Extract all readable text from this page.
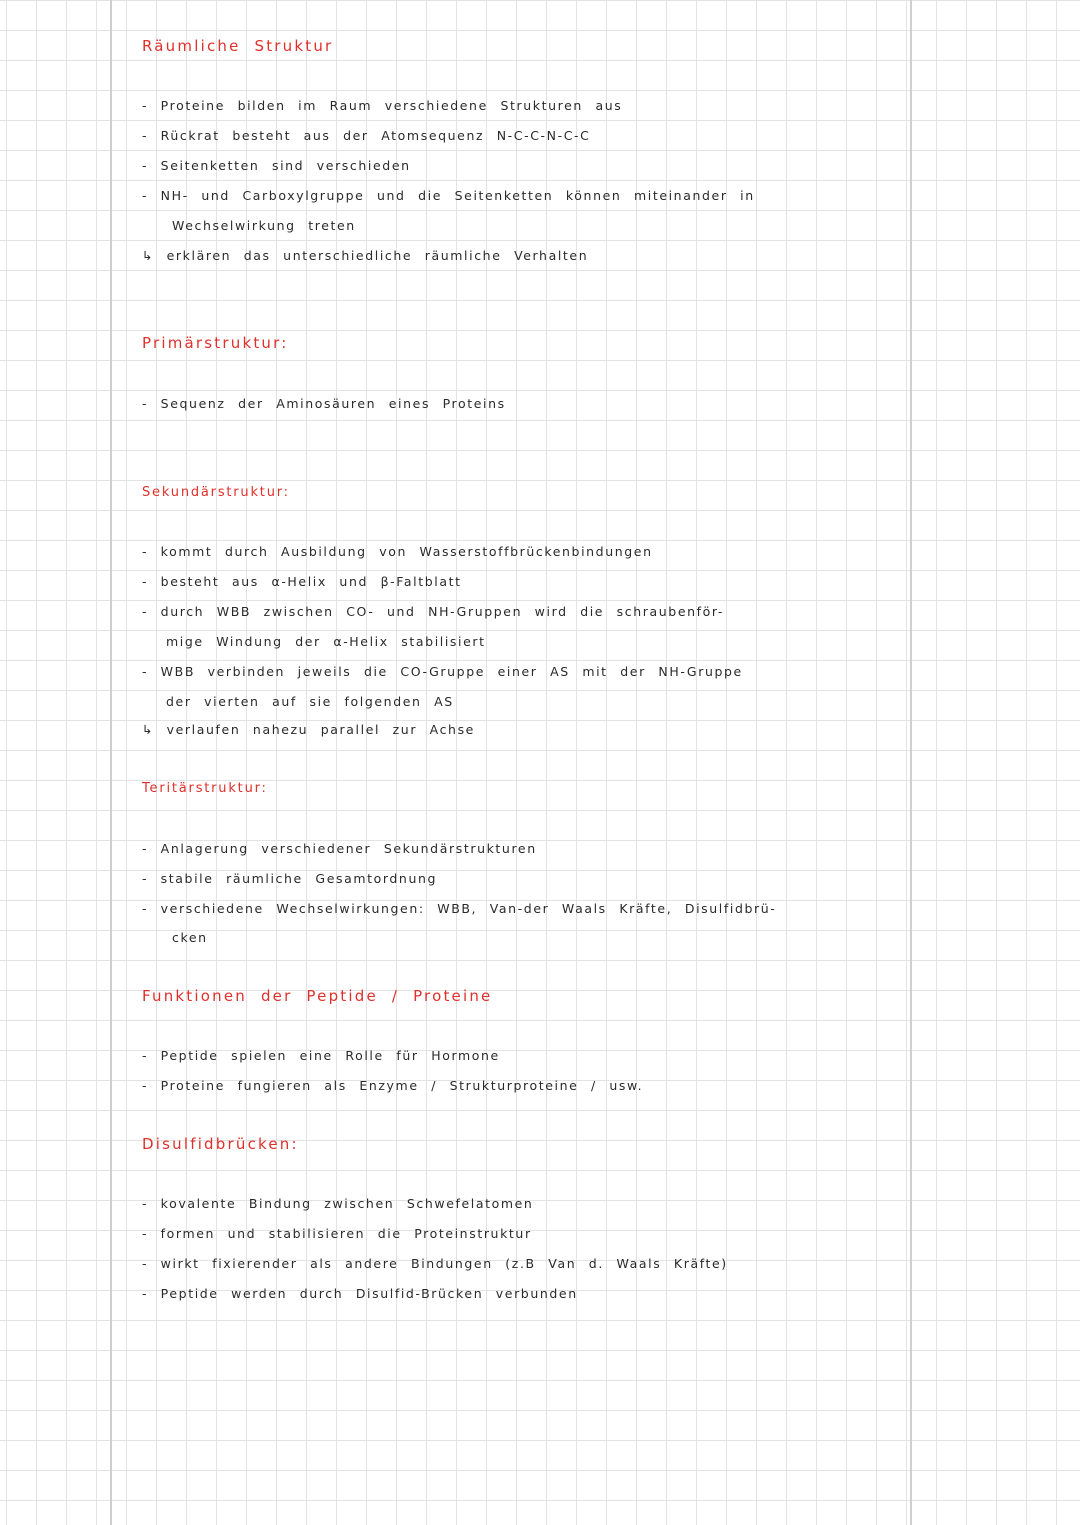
Räumliche Struktur
- Proteine bilden im Raum verschiedene Strukturen aus
- Rückrat besteht aus der Atomsequenz N-C-C-N-C-C
- Seitenketten sind verschieden
- NH- und Carboxylgruppe und die Seitenketten können miteinander in
Wechselwirkung treten
↳ erklären das unterschiedliche räumliche Verhalten
Primärstruktur:
- Sequenz der Aminosäuren eines Proteins
Sekundärstruktur:
- kommt durch Ausbildung von Wasserstoffbrückenbindungen
- besteht aus α-Helix und β-Faltblatt
- durch WBB zwischen CO- und NH-Gruppen wird die schraubenför-
mige Windung der α-Helix stabilisiert
- WBB verbinden jeweils die CO-Gruppe einer AS mit der NH-Gruppe
der vierten auf sie folgenden AS
↳ verlaufen nahezu parallel zur Achse
Teritärstruktur:
- Anlagerung verschiedener Sekundärstrukturen
- stabile räumliche Gesamtordnung
- verschiedene Wechselwirkungen: WBB, Van-der Waals Kräfte, Disulfidbrü-
cken
Funktionen der Peptide / Proteine
- Peptide spielen eine Rolle für Hormone
- Proteine fungieren als Enzyme / Strukturproteine / usw.
Disulfidbrücken:
- kovalente Bindung zwischen Schwefelatomen
- formen und stabilisieren die Proteinstruktur
- wirkt fixierender als andere Bindungen (z.B Van d. Waals Kräfte)
- Peptide werden durch Disulfid-Brücken verbunden
